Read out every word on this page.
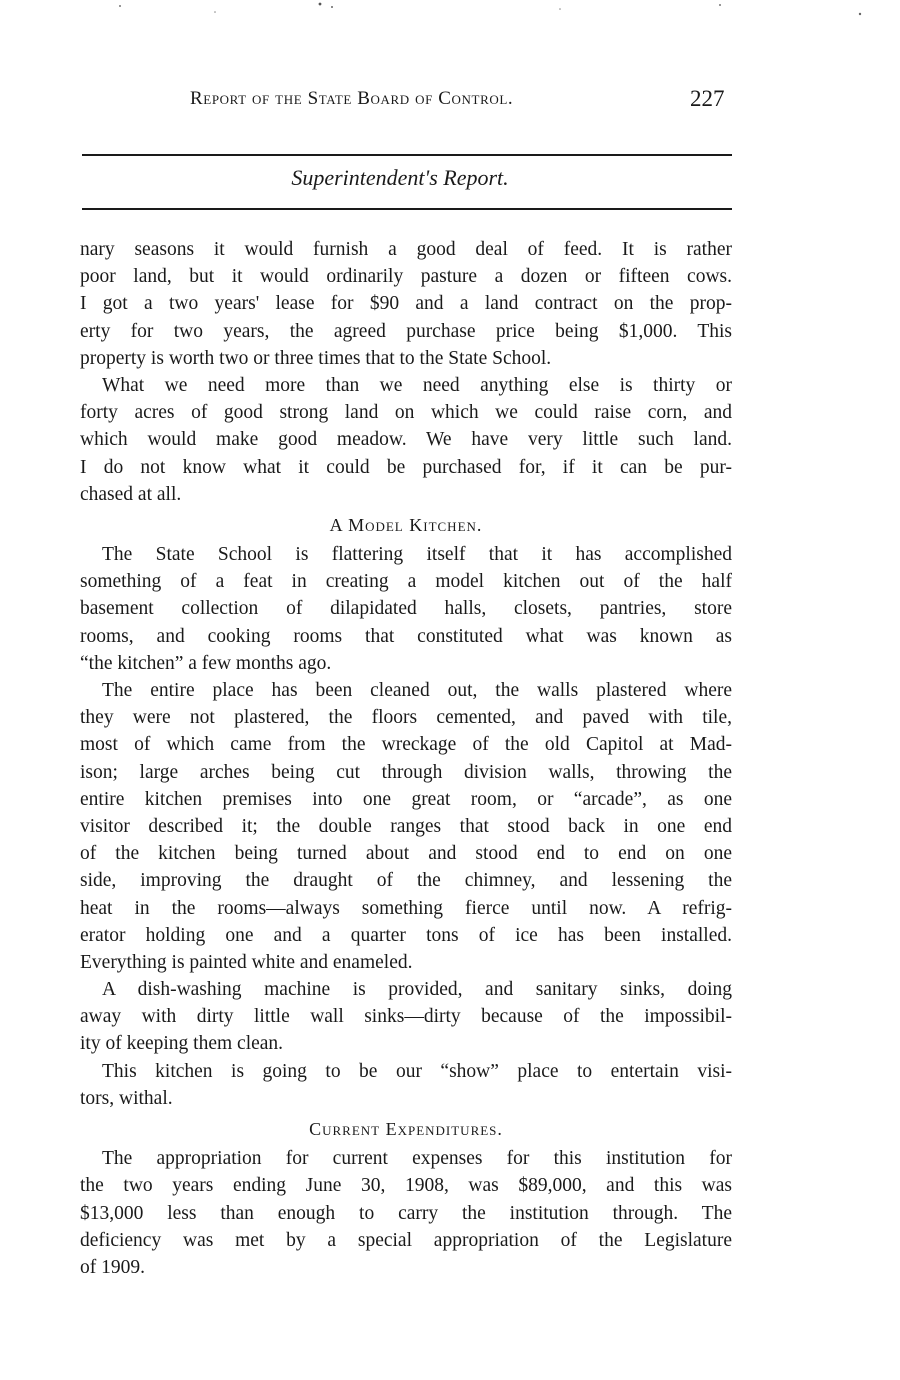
Report of the State Board of Control.	227
Superintendent's Report.
nary seasons it would furnish a good deal of feed. It is rather
poor land, but it would ordinarily pasture a dozen or fifteen cows.
I got a two years' lease for $90 and a land contract on the prop-
erty for two years, the agreed purchase price being $1,000. This
property is worth two or three times that to the State School.
What we need more than we need anything else is thirty or
forty acres of good strong land on which we could raise corn, and
which would make good meadow. We have very little such land.
I do not know what it could be purchased for, if it can be pur-
chased at all.
A Model Kitchen.
The State School is flattering itself that it has accomplished
something of a feat in creating a model kitchen out of the half
basement collection of dilapidated halls, closets, pantries, store
rooms, and cooking rooms that constituted what was known as
“the kitchen” a few months ago.
The entire place has been cleaned out, the walls plastered where
they were not plastered, the floors cemented, and paved with tile,
most of which came from the wreckage of the old Capitol at Mad-
ison; large arches being cut through division walls, throwing the
entire kitchen premises into one great room, or “arcade”, as one
visitor described it; the double ranges that stood back in one end
of the kitchen being turned about and stood end to end on one
side, improving the draught of the chimney, and lessening the
heat in the rooms—always something fierce until now. A refrig-
erator holding one and a quarter tons of ice has been installed.
Everything is painted white and enameled.
A dish-washing machine is provided, and sanitary sinks, doing
away with dirty little wall sinks—dirty because of the impossibil-
ity of keeping them clean.
This kitchen is going to be our “show” place to entertain visi-
tors, withal.
Current Expenditures.
The appropriation for current expenses for this institution for
the two years ending June 30, 1908, was $89,000, and this was
$13,000 less than enough to carry the institution through. The
deficiency was met by a special appropriation of the Legislature
of 1909.
